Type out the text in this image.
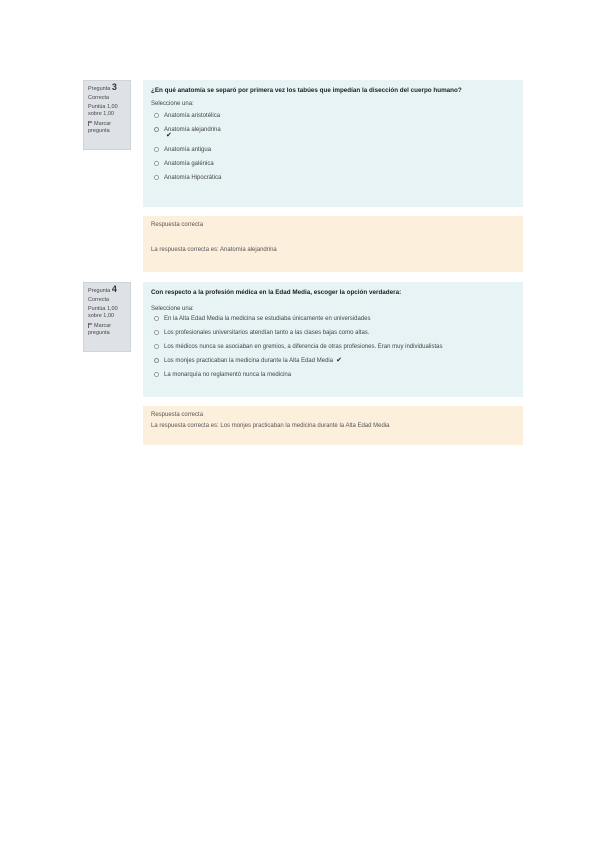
Pregunta 3
Correcta
Puntúa 1,00
sobre 1,00
Marcar
pregunta
¿En qué anatomía se separó por primera vez los tabúes que impedían la disección del cuerpo humano?
Seleccione una:
Anatomía aristotélica
Anatomía alejandrina
✔
Anatomía antigua
Anatomía galénica
Anatomía Hipocrática
Respuesta correcta
La respuesta correcta es: Anatomía alejandrina
Pregunta 4
Correcta
Puntúa 1,00
sobre 1,00
Marcar
pregunta
Con respecto a la profesión médica en la Edad Media, escoger la opción verdadera:
Seleccione una:
En la Alta Edad Media la medicina se estudiaba únicamente en universidades
Los profesionales universitarios atendían tanto a las clases bajas como altas.
Los médicos nunca se asociaban en gremios, a diferencia de otras profesiones. Eran muy individualistas
Los monjes practicaban la medicina durante la Alta Edad Media ✔
La monarquía no reglamentó nunca la medicina
Respuesta correcta
La respuesta correcta es: Los monjes practicaban la medicina durante la Alta Edad Media
